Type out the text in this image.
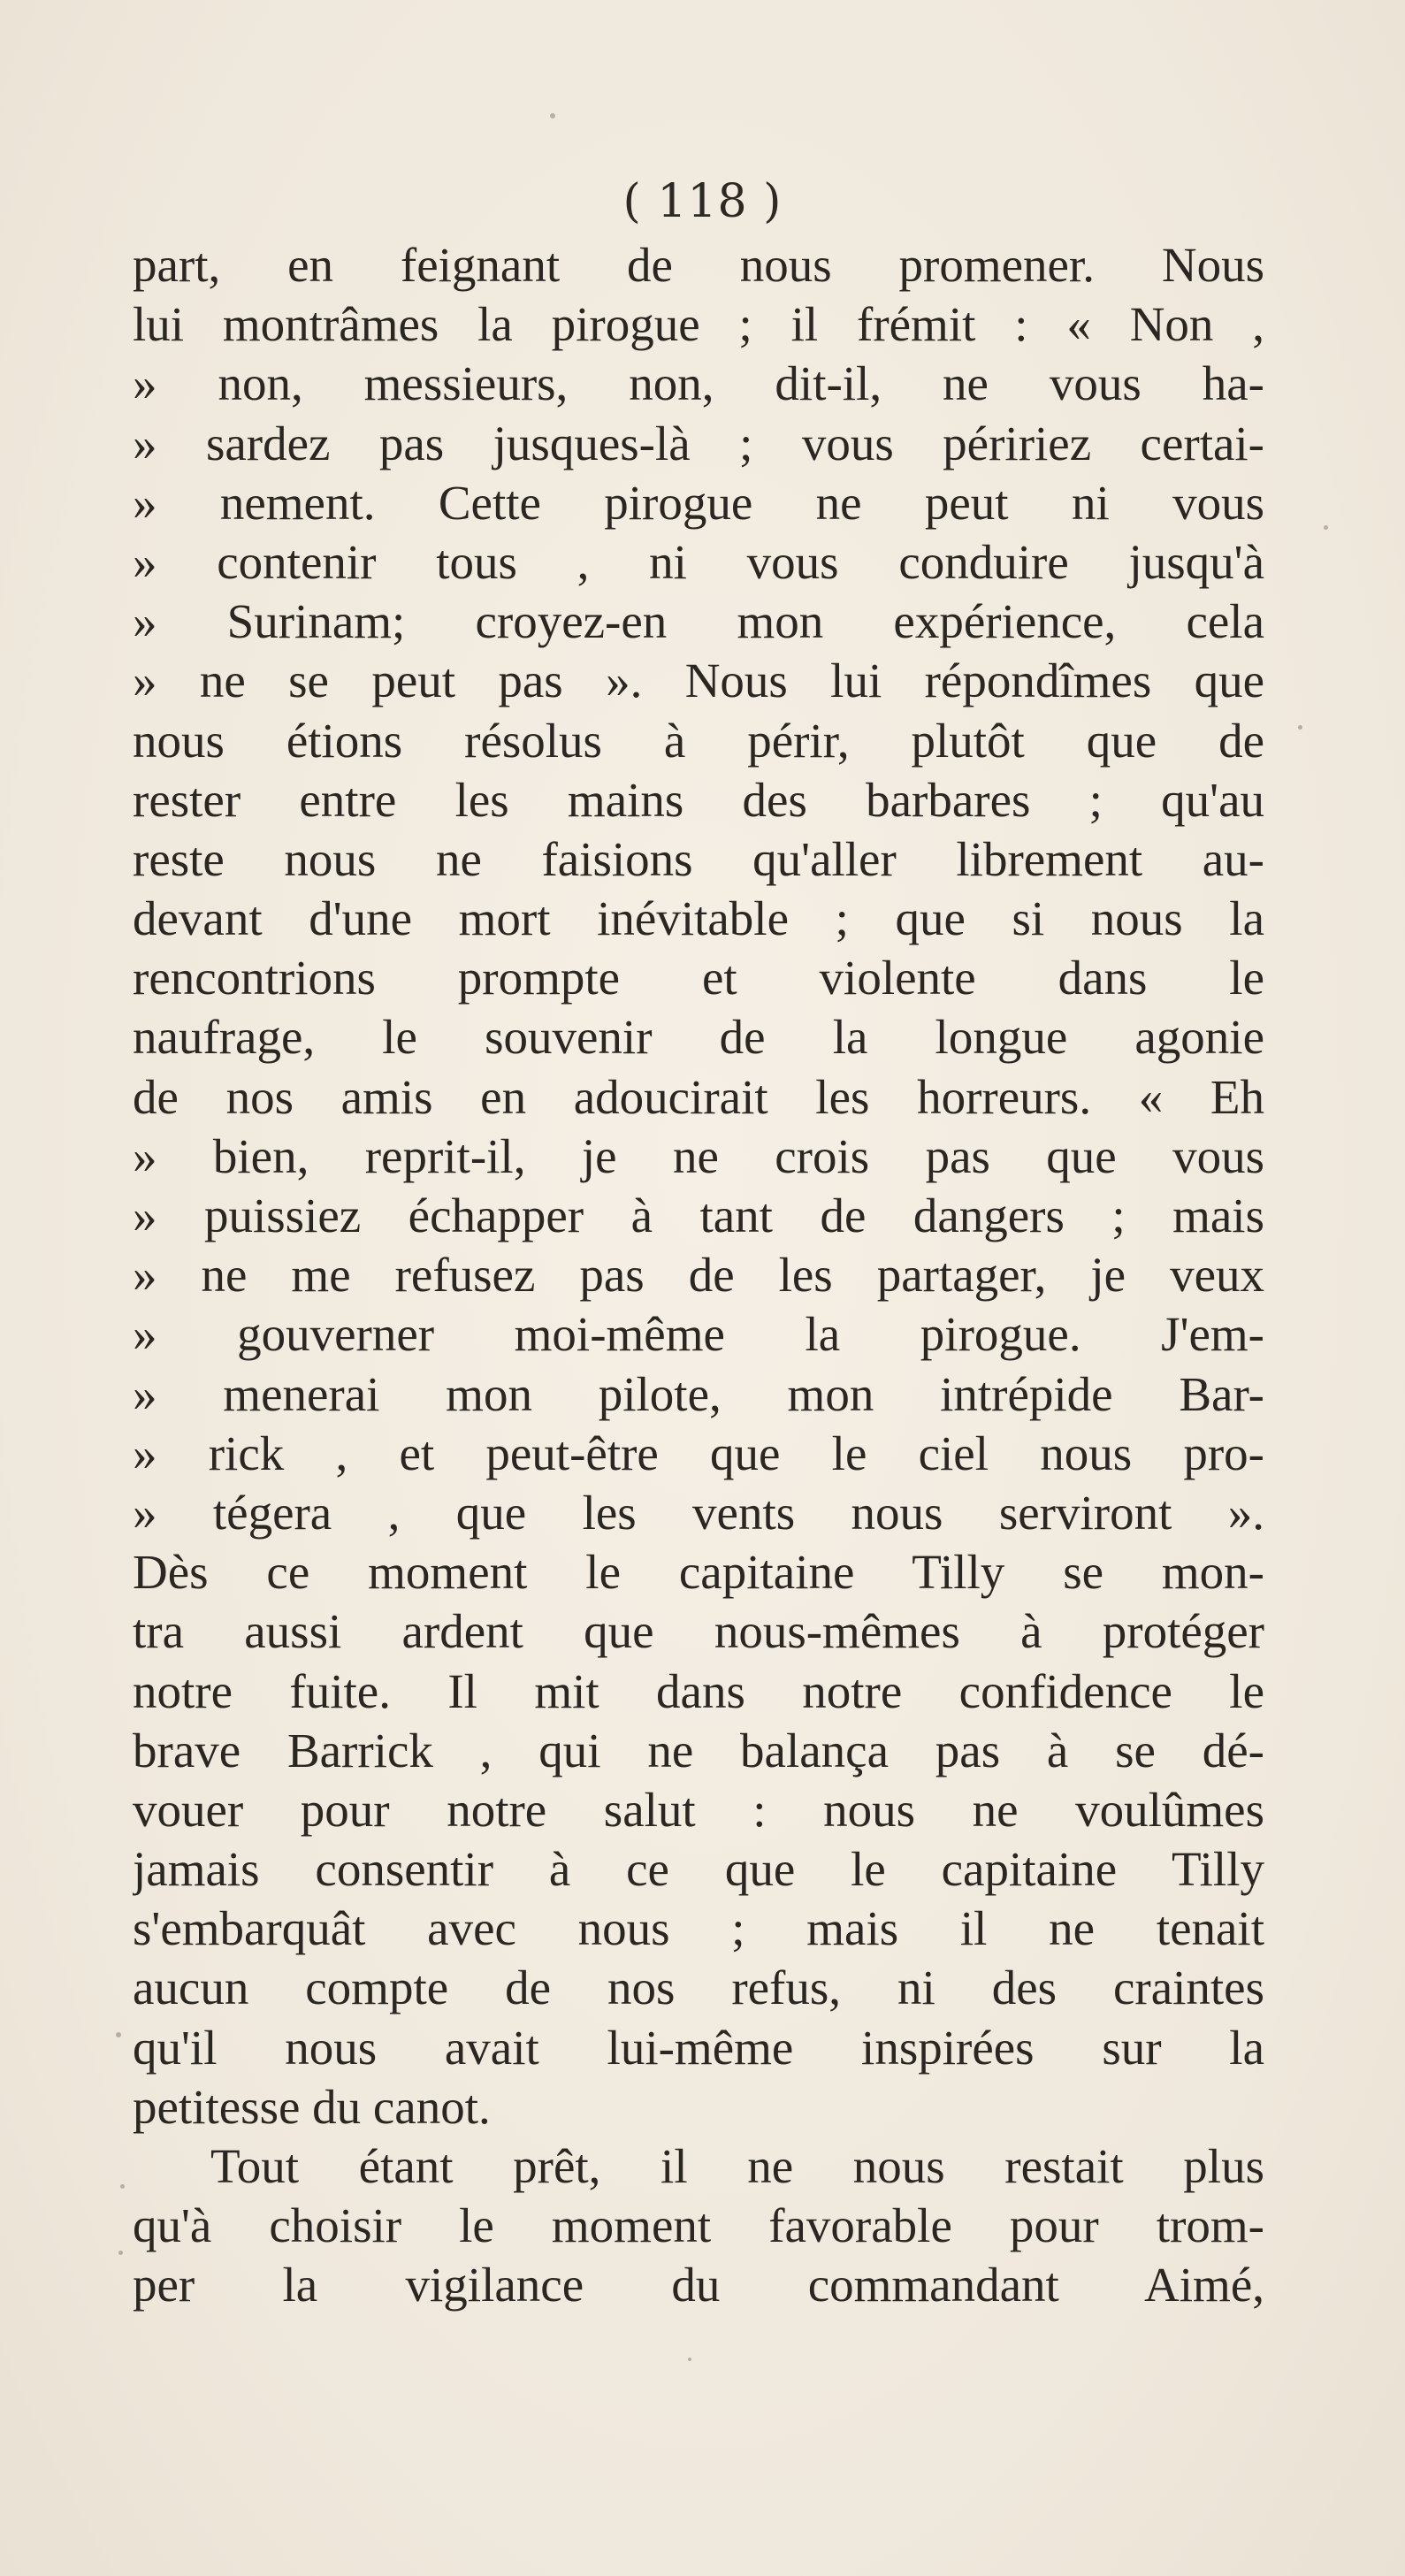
( 118 )
part, en feignant de nous promener. Nous
lui montrâmes la pirogue ; il frémit : « Non ,
» non, messieurs, non, dit-il, ne vous ha-
» sardez pas jusques-là ; vous péririez certai-
» nement. Cette pirogue ne peut ni vous
» contenir tous , ni vous conduire jusqu'à
» Surinam; croyez-en mon expérience, cela
» ne se peut pas ». Nous lui répondîmes que
nous étions résolus à périr, plutôt que de
rester entre les mains des barbares ; qu'au
reste nous ne faisions qu'aller librement au-
devant d'une mort inévitable ; que si nous la
rencontrions prompte et violente dans le
naufrage, le souvenir de la longue agonie
de nos amis en adoucirait les horreurs. « Eh
» bien, reprit-il, je ne crois pas que vous
» puissiez échapper à tant de dangers ; mais
» ne me refusez pas de les partager, je veux
» gouverner moi-même la pirogue. J'em-
» menerai mon pilote, mon intrépide Bar-
» rick , et peut-être que le ciel nous pro-
» tégera , que les vents nous serviront ».
Dès ce moment le capitaine Tilly se mon-
tra aussi ardent que nous-mêmes à protéger
notre fuite. Il mit dans notre confidence le
brave Barrick , qui ne balança pas à se dé-
vouer pour notre salut : nous ne voulûmes
jamais consentir à ce que le capitaine Tilly
s'embarquât avec nous ; mais il ne tenait
aucun compte de nos refus, ni des craintes
qu'il nous avait lui-même inspirées sur la
petitesse du canot.
Tout étant prêt, il ne nous restait plus
qu'à choisir le moment favorable pour trom-
per la vigilance du commandant Aimé,
